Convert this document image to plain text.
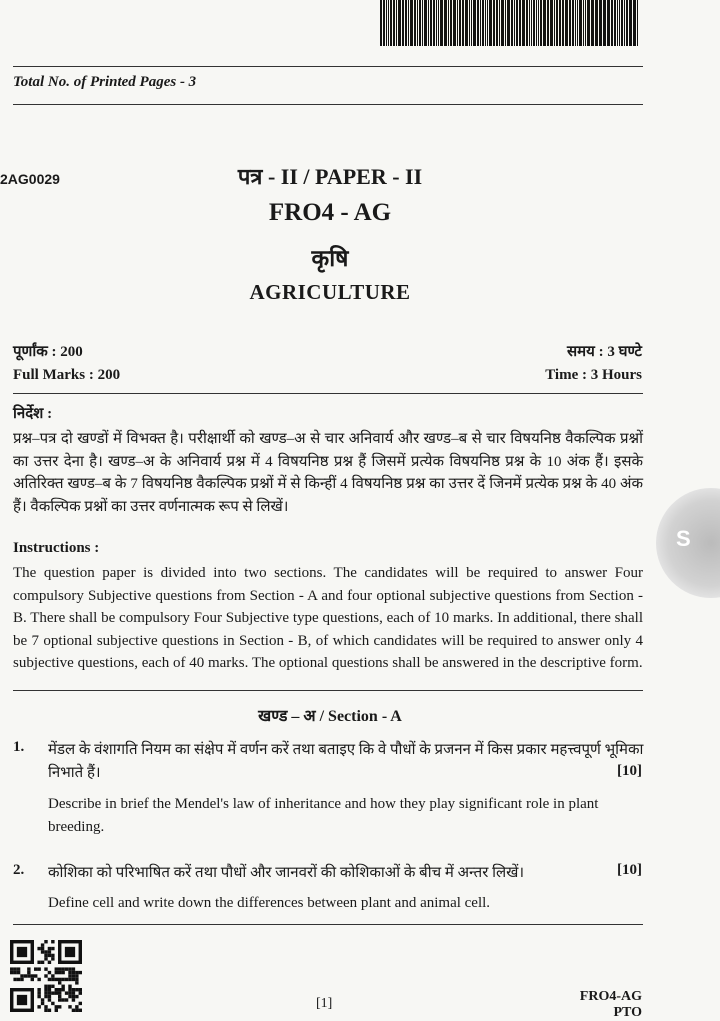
Total No. of Printed Pages - 3
2AG0029	पत्र - II / PAPER - II
FRO4 - AG
कृषि
AGRICULTURE
पूर्णांक : 200	समय : 3 घण्टे
Full Marks : 200	Time : 3 Hours
निर्देश :
प्रश्न–पत्र दो खण्डों में विभक्त है। परीक्षार्थी को खण्ड–अ से चार अनिवार्य और खण्ड–ब से चार विषयनिष्ठ वैकल्पिक प्रश्नों का उत्तर देना है। खण्ड–अ के अनिवार्य प्रश्न में 4 विषयनिष्ठ प्रश्न हैं जिसमें प्रत्येक विषयनिष्ठ प्रश्न के 10 अंक हैं। इसके अतिरिक्त खण्ड–ब के 7 विषयनिष्ठ वैकल्पिक प्रश्नों में से किन्हीं 4 विषयनिष्ठ प्रश्न का उत्तर दें जिनमें प्रत्येक प्रश्न के 40 अंक हैं। वैकल्पिक प्रश्नों का उत्तर वर्णनात्मक रूप से लिखें।
Instructions :
The question paper is divided into two sections. The candidates will be required to answer Four compulsory Subjective questions from Section - A and four optional subjective questions from Section - B. There shall be compulsory Four Subjective type questions, each of 10 marks. In additional, there shall be 7 optional subjective questions in Section - B, of which candidates will be required to answer only 4 subjective questions, each of 40 marks. The optional questions shall be answered in the descriptive form.
खण्ड – अ / Section - A
1. मेंडल के वंशागति नियम का संक्षेप में वर्णन करें तथा बताइए कि वे पौधों के प्रजनन में किस प्रकार महत्त्वपूर्ण भूमिका निभाते हैं।	[10]
Describe in brief the Mendel's law of inheritance and how they play significant role in plant breeding.
2. कोशिका को परिभाषित करें तथा पौधों और जानवरों की कोशिकाओं के बीच में अन्तर लिखें।	[10]
Define cell and write down the differences between plant and animal cell.
[1]	FRO4-AG
PTO
S
